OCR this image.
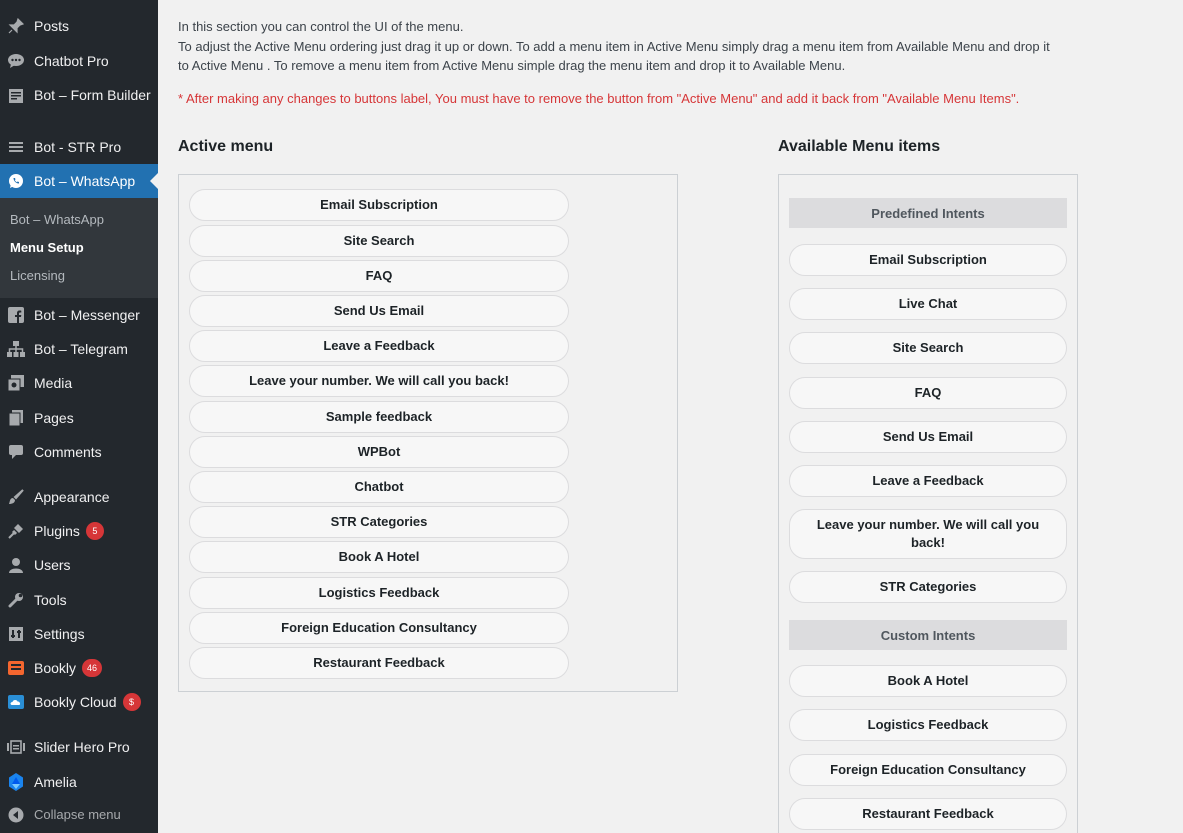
Posts
Chatbot Pro
Bot – Form Builder
Bot - STR Pro
Bot – WhatsApp
Bot – WhatsApp
Menu Setup
Licensing
Bot – Messenger
Bot – Telegram
Media
Pages
Comments
Appearance
Plugins 5
Users
Tools
Settings
Bookly 46
Bookly Cloud $
Slider Hero Pro
Amelia
Collapse menu

In this section you can control the UI of the menu.

To adjust the Active Menu ordering just drag it up or down. To add a menu item in Active Menu simply drag a menu item from Available Menu and drop it

to Active Menu . To remove a menu item from Active Menu simple drag the menu item and drop it to Available Menu.

* After making any changes to buttons label, You must have to remove the button from "Active Menu" and add it back from "Available Menu Items".

Active menu	Available Menu items
Email Subscription
Site Search
FAQ
Send Us Email
Leave a Feedback
Leave your number. We will call you back!
Sample feedback
WPBot
Chatbot
STR Categories
Book A Hotel
Logistics Feedback
Foreign Education Consultancy
Restaurant Feedback
Predefined Intents
Email Subscription
Live Chat
Site Search
FAQ
Send Us Email
Leave a Feedback
Leave your number. We will call you back!
STR Categories
Custom Intents
Book A Hotel
Logistics Feedback
Foreign Education Consultancy
Restaurant Feedback
